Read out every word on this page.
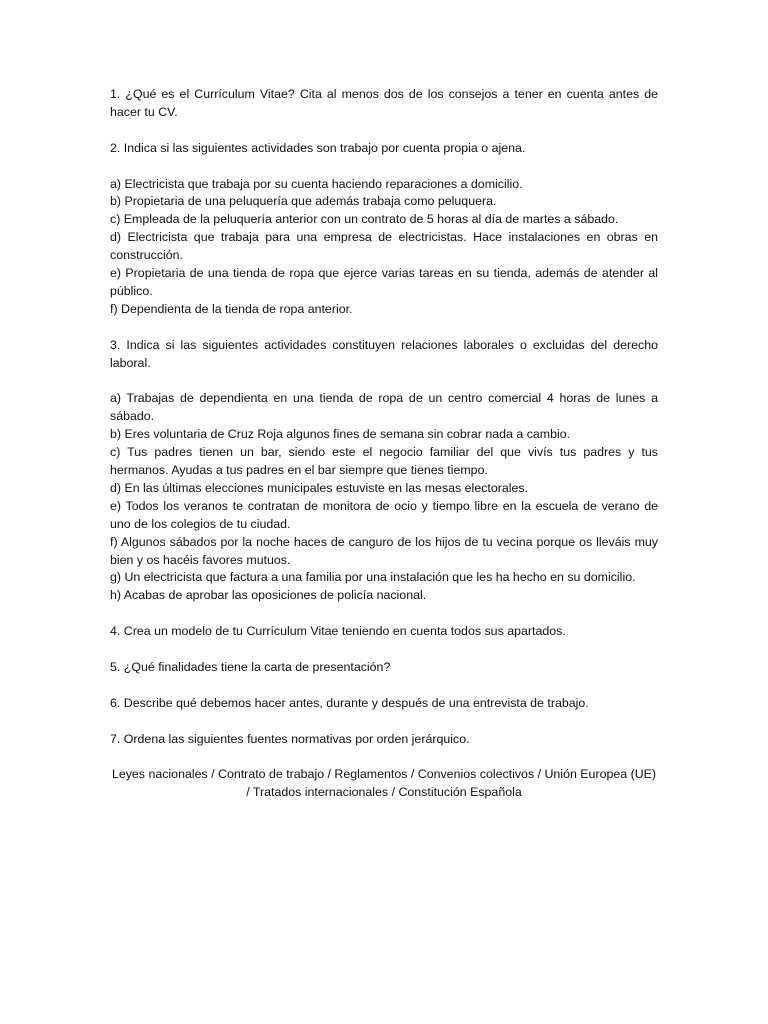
1. ¿Qué es el Currículum Vitae? Cita al menos dos de los consejos a tener en cuenta antes de hacer tu CV.

2. Indica si las siguientes actividades son trabajo por cuenta propia o ajena.

a) Electricista que trabaja por su cuenta haciendo reparaciones a domicilio.
b) Propietaria de una peluquería que además trabaja como peluquera.
c) Empleada de la peluquería anterior con un contrato de 5 horas al día de martes a sábado.
d) Electricista que trabaja para una empresa de electricistas. Hace instalaciones en obras en construcción.
e) Propietaria de una tienda de ropa que ejerce varias tareas en su tienda, además de atender al público.
f) Dependienta de la tienda de ropa anterior.

3. Indica si las siguientes actividades constituyen relaciones laborales o excluidas del derecho laboral.

a) Trabajas de dependienta en una tienda de ropa de un centro comercial 4 horas de lunes a sábado.
b) Eres voluntaria de Cruz Roja algunos fines de semana sin cobrar nada a cambio.
c) Tus padres tienen un bar, siendo este el negocio familiar del que vivís tus padres y tus hermanos. Ayudas a tus padres en el bar siempre que tienes tiempo.
d) En las últimas elecciones municipales estuviste en las mesas electorales.
e) Todos los veranos te contratan de monitora de ocio y tiempo libre en la escuela de verano de uno de los colegios de tu ciudad.
f) Algunos sábados por la noche haces de canguro de los hijos de tu vecina porque os lleváis muy bien y os hacéis favores mutuos.
g) Un electricista que factura a una familia por una instalación que les ha hecho en su domicilio.
h) Acabas de aprobar las oposiciones de policía nacional.

4. Crea un modelo de tu Currículum Vitae teniendo en cuenta todos sus apartados.

5. ¿Qué finalidades tiene la carta de presentación?

6. Describe qué debemos hacer antes, durante y después de una entrevista de trabajo.

7. Ordena las siguientes fuentes normativas por orden jerárquico.

Leyes nacionales / Contrato de trabajo / Reglamentos / Convenios colectivos / Unión Europea (UE) / Tratados internacionales / Constitución Española
